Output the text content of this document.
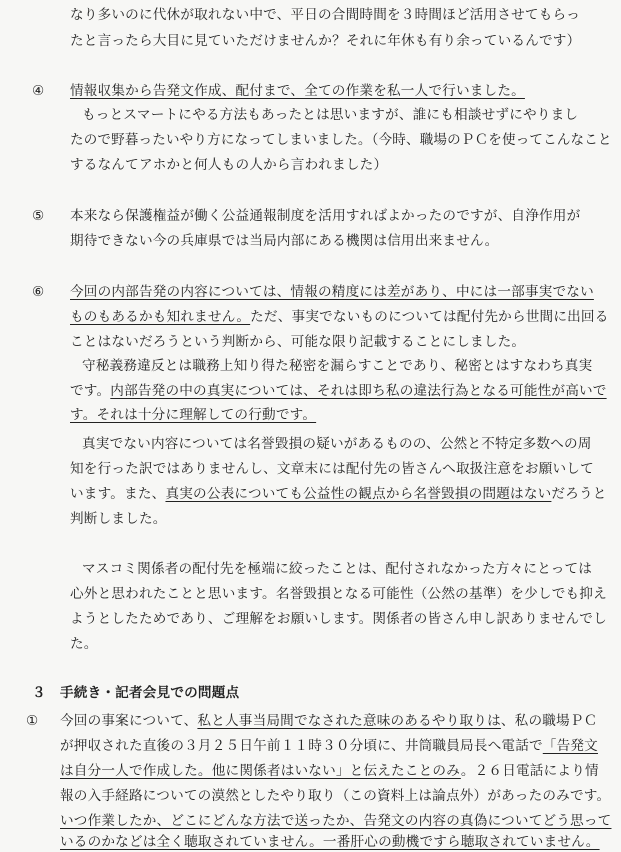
なり多いのに代休が取れない中で、平日の合間時間を３時間ほど活用させてもらっ
たと言ったら大目に見ていただけませんか？それに年休も有り余っているんです）
④ 情報収集から告発文作成、配付まで、全ての作業を私一人で行いました。
もっとスマートにやる方法もあったとは思いますが、誰にも相談せずにやりまし
たので野暮ったいやり方になってしまいました。（今時、職場のＰＣを使ってこんなこと
するなんてアホかと何人もの人から言われました）
⑤ 本来なら保護権益が働く公益通報制度を活用すればよかったのですが、自浄作用が
期待できない今の兵庫県では当局内部にある機関は信用出来ません。
⑥ 今回の内部告発の内容については、情報の精度には差があり、中には一部事実でない
ものもあるかも知れません。ただ、事実でないものについては配付先から世間に出回る
ことはないだろうという判断から、可能な限り記載することにしました。
守秘義務違反とは職務上知り得た秘密を漏らすことであり、秘密とはすなわち真実
です。内部告発の中の真実については、それは即ち私の違法行為となる可能性が高いで
す。それは十分に理解しての行動です。
真実でない内容については名誉毀損の疑いがあるものの、公然と不特定多数への周
知を行った訳ではありませんし、文章末には配付先の皆さんへ取扱注意をお願いして
います。また、真実の公表についても公益性の観点から名誉毀損の問題はないだろうと
判断しました。
マスコミ関係者の配付先を極端に絞ったことは、配付されなかった方々にとっては
心外と思われたことと思います。名誉毀損となる可能性（公然の基準）を少しでも抑え
ようとしたためであり、ご理解をお願いします。関係者の皆さん申し訳ありませんでし
た。
３ 手続き・記者会見での問題点
① 今回の事案について、私と人事当局間でなされた意味のあるやり取りは、私の職場ＰＣ
が押収された直後の３月２５日午前１１時３０分頃に、井筒職員局長へ電話で「告発文
は自分一人で作成した。他に関係者はいない」と伝えたことのみ。２６日電話により情
報の入手経路についての漠然としたやり取り（この資料上は論点外）があったのみです。
いつ作業したか、どこにどんな方法で送ったか、告発文の内容の真偽についてどう思って
いるのかなどは全く聴取されていません。一番肝心の動機ですら聴取されていません。
